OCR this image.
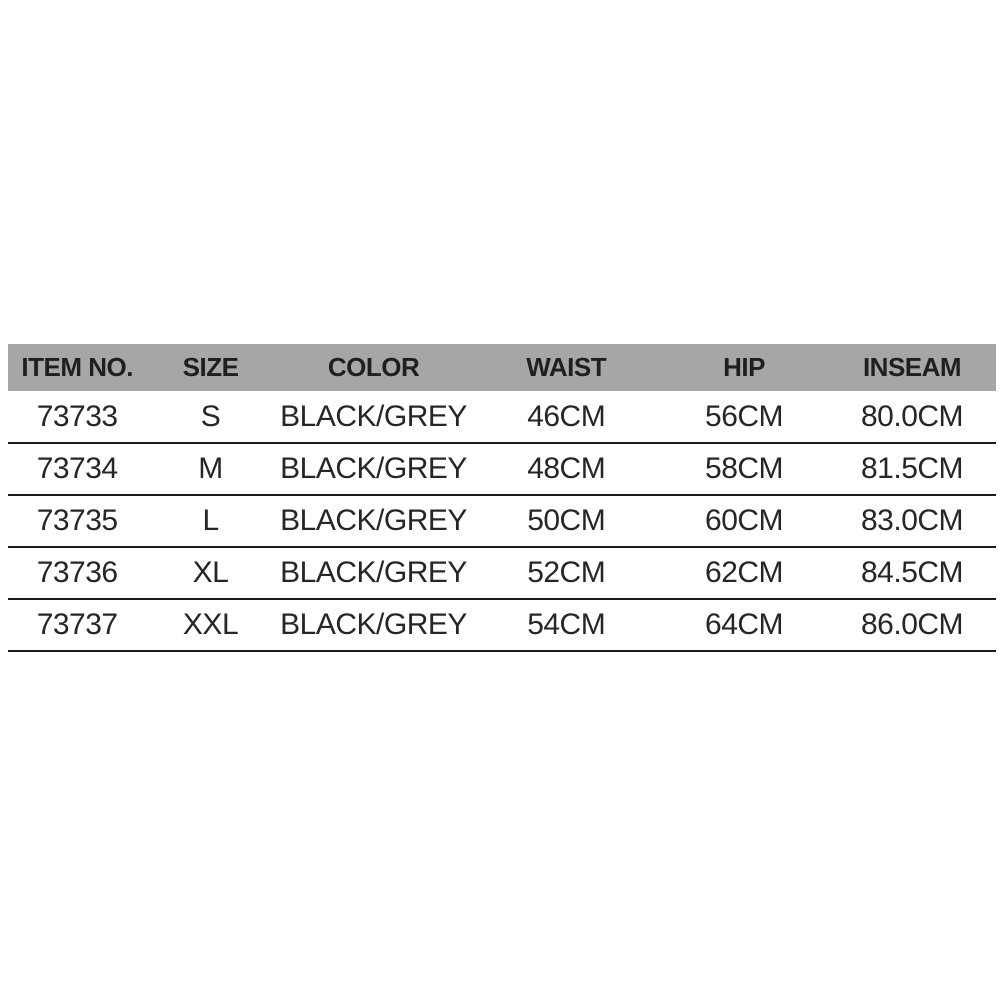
ITEM NO.	SIZE	COLOR	WAIST	HIP	INSEAM
73733	S	BLACK/GREY	46CM	56CM	80.0CM
73734	M	BLACK/GREY	48CM	58CM	81.5CM
73735	L	BLACK/GREY	50CM	60CM	83.0CM
73736	XL	BLACK/GREY	52CM	62CM	84.5CM
73737	XXL	BLACK/GREY	54CM	64CM	86.0CM
